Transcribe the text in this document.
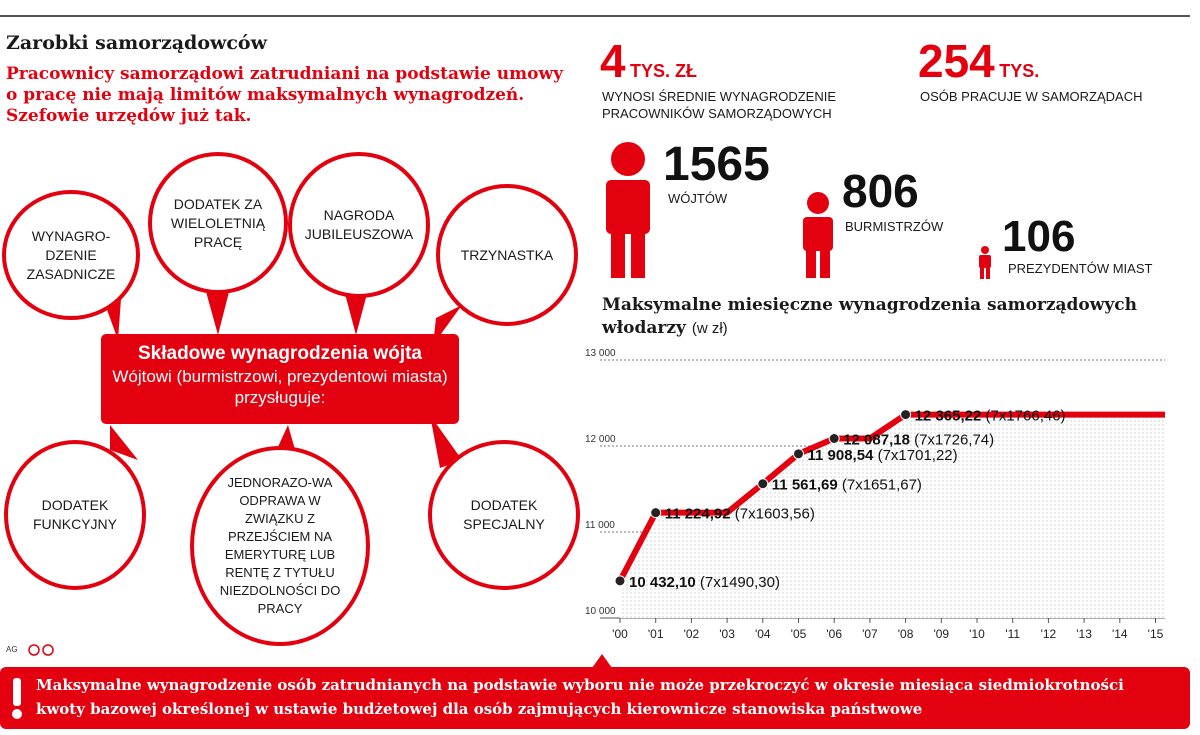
Zarobki samorządowców
Pracownicy samorządowi zatrudniani na podstawie umowy o pracę nie mają limitów maksymalnych wynagrodzeń. Szefowie urzędów już tak.
WYNAGRO-DZENIE ZASADNICZE
DODATEK ZA WIELOLETNIĄ PRACĘ
NAGRODA JUBILEUSZOWA
TRZYNASTKA
DODATEK FUNKCYJNY
JEDNORAZO-WA ODPRAWA W ZWIĄZKU Z PRZEJŚCIEM NA EMERYTURĘ LUB RENTĘ Z TYTUŁU NIEZDOLNOŚCI DO PRACY
DODATEK SPECJALNY
Składowe wynagrodzenia wójta
Wójtowi (burmistrzowi, prezydentowi miasta) przysługuje:
4 TYS. ZŁ
WYNOSI ŚREDNIE WYNAGRODZENIE PRACOWNIKÓW SAMORZĄDOWYCH
254 TYS.
OSÓB PRACUJE W SAMORZĄDACH
1565
WÓJTÓW 806
BURMISTRZÓW 106
PREZYDENTÓW MIAST
Maksymalne miesięczne wynagrodzenia samorządowych włodarzy (w zł)
10 000
11 000
12 000
13 000
'00 '01 '02 '03 '04 '05 '06 '07 '08 '09 '10 '11 '12 '13 '14 '15
10 432,10 (7x1490,30)
11 224,92 (7x1603,56)
11 561,69 (7x1651,67)
11 908,54 (7x1701,22)
12 087,18 (7x1726,74)
12 365,22 (7x1766,46)
AG
Maksymalne wynagrodzenie osób zatrudnianych na podstawie wyboru nie może przekroczyć w okresie miesiąca siedmiokrotności kwoty bazowej określonej w ustawie budżetowej dla osób zajmujących kierownicze stanowiska państwowe
